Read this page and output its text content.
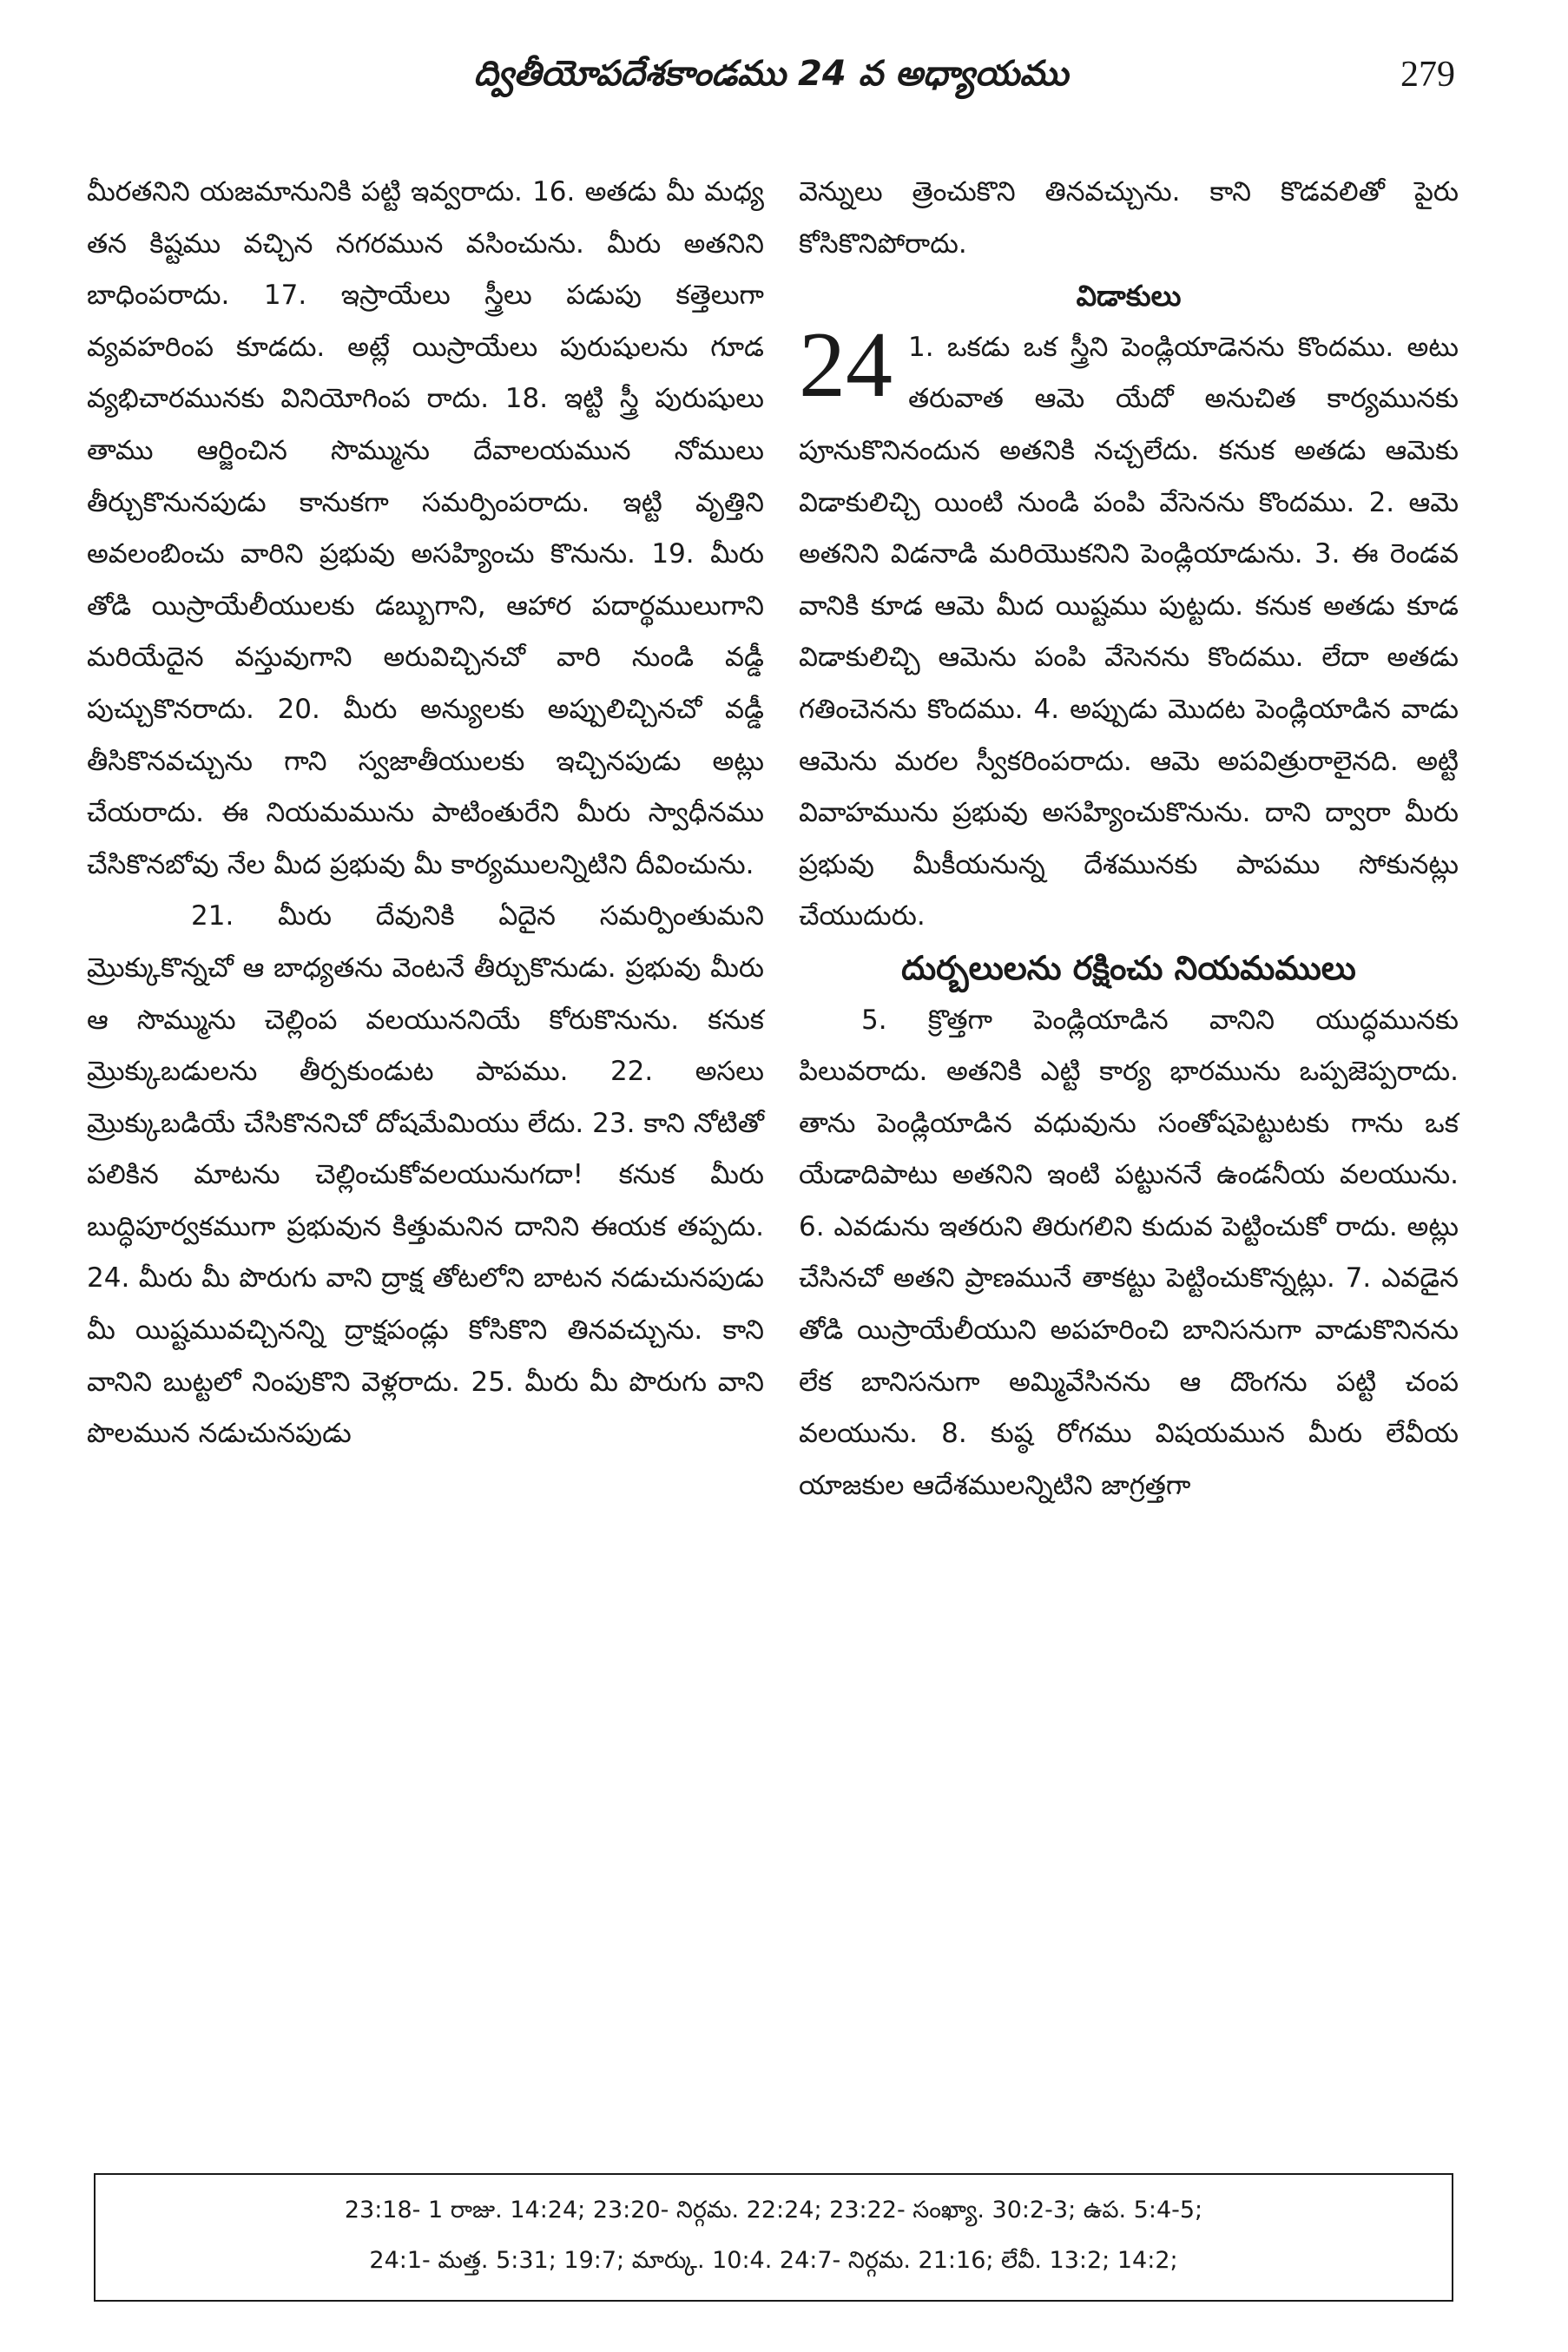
ద్వితీయోపదేశకాండము 24 వ అధ్యాయము	279

మీరతనిని యజమానునికి పట్టి ఇవ్వరాదు. 16. అతడు మీ మధ్య తన కిష్టము వచ్చిన నగరమున వసించును. మీరు అతనిని బాధింపరాదు. 17. ఇస్రాయేలు స్త్రీలు పడుపు కత్తెలుగా వ్యవహరింప కూడదు. అట్లే యిస్రాయేలు పురుషులను గూడ వ్యభిచారమునకు వినియోగింప రాదు. 18. ఇట్టి స్త్రీ పురుషులు తాము ఆర్జించిన సొమ్మును దేవాలయమున నోములు తీర్చుకొనునపుడు కానుకగా సమర్పింపరాదు. ఇట్టి వృత్తిని అవలంబించు వారిని ప్రభువు అసహ్యించు కొనును. 19. మీరు తోడి యిస్రాయేలీయులకు డబ్బుగాని, ఆహార పదార్థములుగాని మరియేదైన వస్తువుగాని అరువిచ్చినచో వారి నుండి వడ్డీ పుచ్చుకొనరాదు. 20. మీరు అన్యులకు అప్పులిచ్చినచో వడ్డీ తీసికొనవచ్చును గాని స్వజాతీయులకు ఇచ్చినపుడు అట్లు చేయరాదు. ఈ నియమమును పాటింతురేని మీరు స్వాధీనము చేసికొనబోవు నేల మీద ప్రభువు మీ కార్యములన్నిటిని దీవించును.

21. మీరు దేవునికి ఏదైన సమర్పింతుమని మ్రొక్కుకొన్నచో ఆ బాధ్యతను వెంటనే తీర్చుకొనుడు. ప్రభువు మీరు ఆ సొమ్మును చెల్లింప వలయుననియే కోరుకొనును. కనుక మ్రొక్కుబడులను తీర్పకుండుట పాపము. 22. అసలు మ్రొక్కుబడియే చేసికొననిచో దోషమేమియు లేదు. 23. కాని నోటితో పలికిన మాటను చెల్లించుకోవలయునుగదా! కనుక మీరు బుద్ధిపూర్వకముగా ప్రభువున కిత్తుమనిన దానిని ఈయక తప్పదు. 24. మీరు మీ పొరుగు వాని ద్రాక్ష తోటలోని బాటన నడుచునపుడు మీ యిష్టమువచ్చినన్ని ద్రాక్షపండ్లు కోసికొని తినవచ్చును. కాని వానిని బుట్టలో నింపుకొని వెళ్లరాదు. 25. మీరు మీ పొరుగు వాని పొలమున నడుచునపుడు

వెన్నులు త్రెంచుకొని తినవచ్చును. కాని కొడవలితో పైరు కోసికొనిపోరాదు.

విడాకులు

24 1. ఒకడు ఒక స్త్రీని పెండ్లియాడెనను కొందము. అటు తరువాత ఆమె యేదో అనుచిత కార్యమునకు పూనుకొనినందున అతనికి నచ్చలేదు. కనుక అతడు ఆమెకు విడాకులిచ్చి యింటి నుండి పంపి వేసెనను కొందము. 2. ఆమె అతనిని విడనాడి మరియొకనిని పెండ్లియాడును. 3. ఈ రెండవ వానికి కూడ ఆమె మీద యిష్టము పుట్టదు. కనుక అతడు కూడ విడాకులిచ్చి ఆమెను పంపి వేసెనను కొందము. లేదా అతడు గతించెనను కొందము. 4. అప్పుడు మొదట పెండ్లియాడిన వాడు ఆమెను మరల స్వీకరింపరాదు. ఆమె అపవిత్రురాలైనది. అట్టి వివాహమును ప్రభువు అసహ్యించుకొనును. దాని ద్వారా మీరు ప్రభువు మీకీయనున్న దేశమునకు పాపము సోకునట్లు చేయుదురు.

దుర్బలులను రక్షించు నియమములు

5. క్రొత్తగా పెండ్లియాడిన వానిని యుద్ధమునకు పిలువరాదు. అతనికి ఎట్టి కార్య భారమును ఒప్పజెప్పరాదు. తాను పెండ్లియాడిన వధువును సంతోషపెట్టుటకు గాను ఒక యేడాదిపాటు అతనిని ఇంటి పట్టుననే ఉండనీయ వలయును. 6. ఎవడును ఇతరుని తిరుగలిని కుదువ పెట్టించుకో రాదు. అట్లు చేసినచో అతని ప్రాణమునే తాకట్టు పెట్టించుకొన్నట్లు. 7. ఎవడైన తోడి యిస్రాయేలీయుని అపహరించి బానిసనుగా వాడుకొనినను లేక బానిసనుగా అమ్మివేసినను ఆ దొంగను పట్టి చంప వలయును. 8. కుష్ఠ రోగము విషయమున మీరు లేవీయ యాజకుల ఆదేశములన్నిటిని జాగ్రత్తగా

23:18- 1 రాజు. 14:24; 23:20- నిర్గమ. 22:24; 23:22- సంఖ్యా. 30:2-3; ఉప. 5:4-5;
24:1- మత్త. 5:31; 19:7; మార్కు. 10:4. 24:7- నిర్గమ. 21:16; లేవీ. 13:2; 14:2;
